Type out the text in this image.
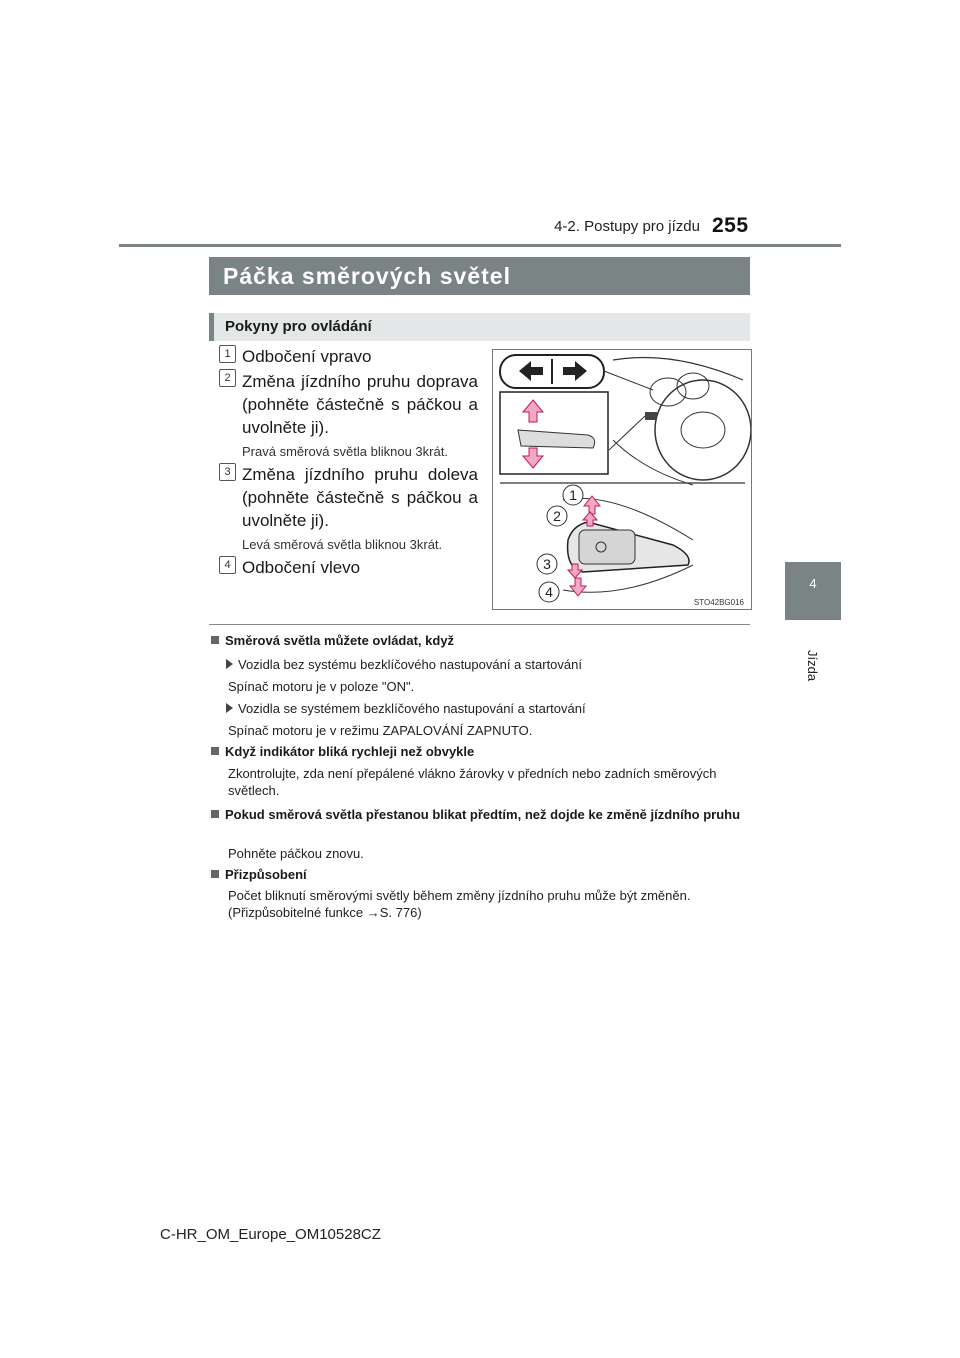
4-2. Postupy pro jízdu 255
4
Jízda
Páčka směrových světel
Pokyny pro ovládání
1 Odbočení vpravo
2 Změna jízdního pruhu doprava (pohněte částečně s páčkou a uvolněte ji).
Pravá směrová světla bliknou 3krát.
3 Změna jízdního pruhu doleva (pohněte částečně s páčkou a uvolněte ji).
Levá směrová světla bliknou 3krát.
4 Odbočení vlevo
1
2
3
4
STO42BG016
Směrová světla můžete ovládat, když
Vozidla bez systému bezklíčového nastupování a startování
Spínač motoru je v poloze "ON".
Vozidla se systémem bezklíčového nastupování a startování
Spínač motoru je v režimu ZAPALOVÁNÍ ZAPNUTO.
Když indikátor bliká rychleji než obvykle
Zkontrolujte, zda není přepálené vlákno žárovky v předních nebo zadních směrových světlech.
Pokud směrová světla přestanou blikat předtím, než dojde ke změně jízdního pruhu
Pohněte páčkou znovu.
Přizpůsobení
Počet bliknutí směrovými světly během změny jízdního pruhu může být změněn. (Přizpůsobitelné funkce →S. 776)
C-HR_OM_Europe_OM10528CZ
